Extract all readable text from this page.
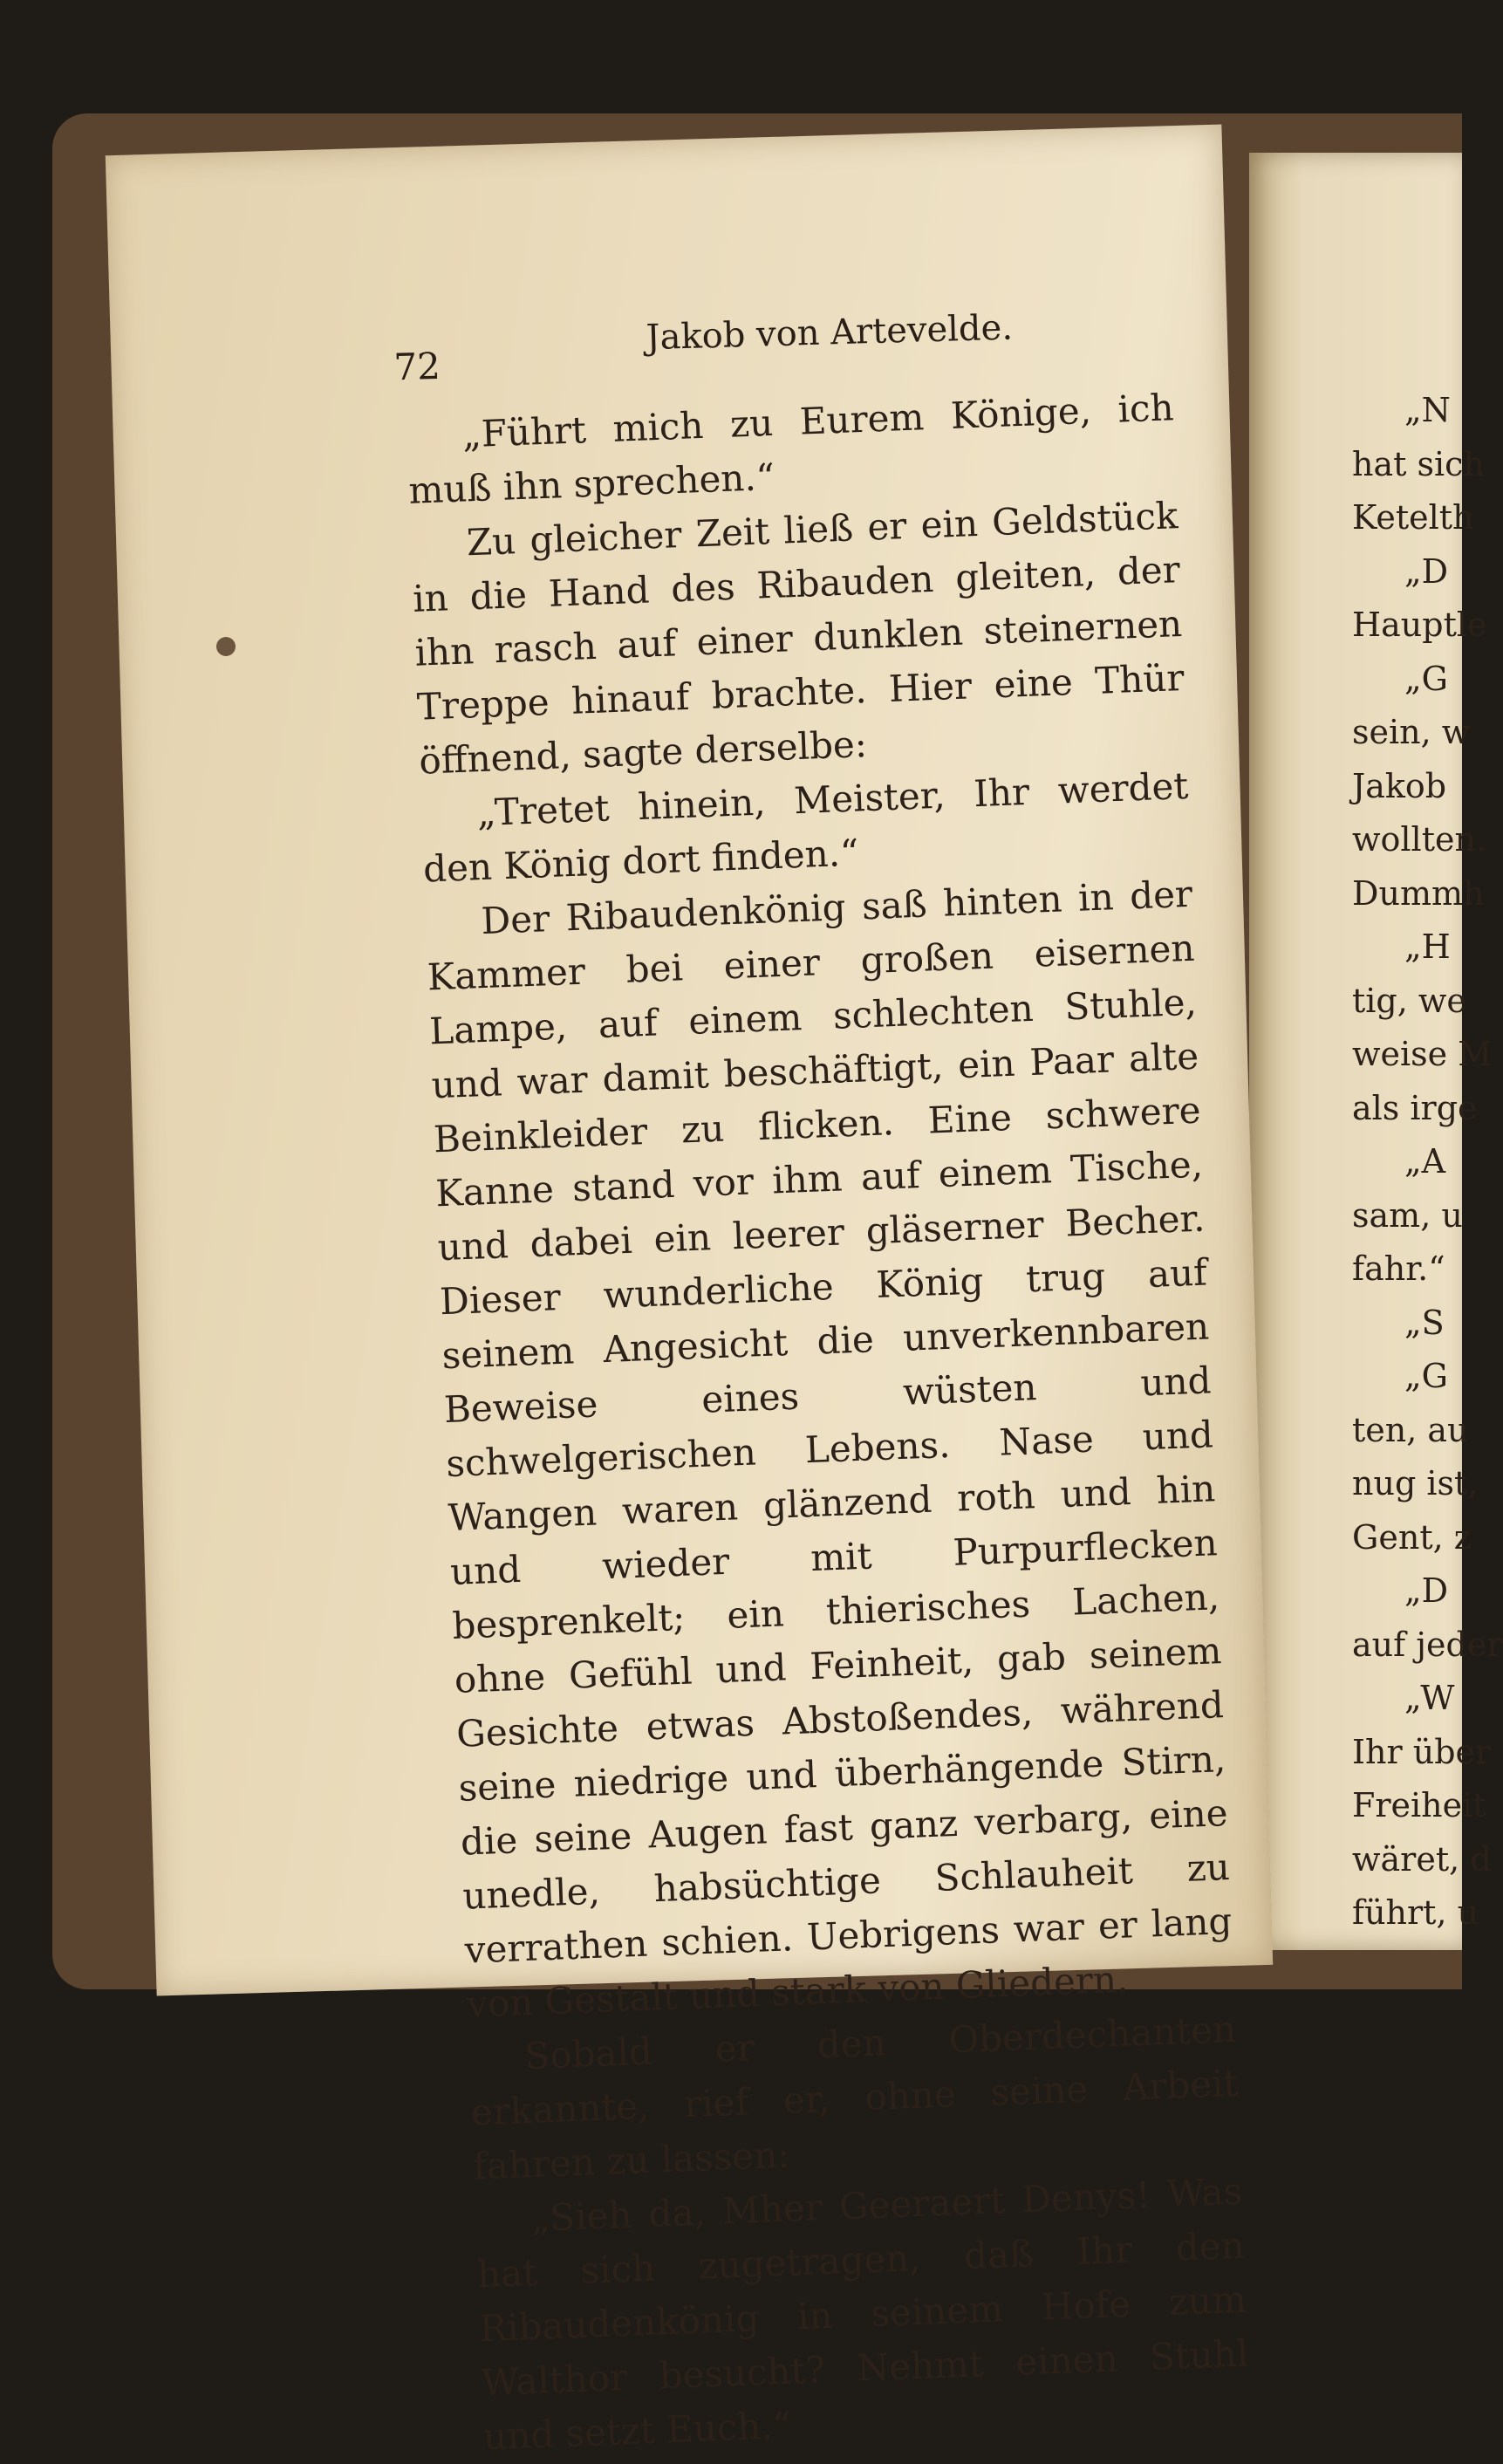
72
Jakob von Artevelde.

„Führt mich zu Eurem Könige, ich muß ihn sprechen.“

Zu gleicher Zeit ließ er ein Geldstück in die Hand des Ribauden gleiten, der ihn rasch auf einer dunklen steinernen Treppe hinauf brachte. Hier eine Thür öffnend, sagte derselbe:

„Tretet hinein, Meister, Ihr werdet den König dort finden.“

Der Ribaudenkönig saß hinten in der Kammer bei einer großen eisernen Lampe, auf einem schlechten Stuhle, und war damit beschäftigt, ein Paar alte Beinkleider zu flicken. Eine schwere Kanne stand vor ihm auf einem Tische, und dabei ein leerer gläserner Becher. Dieser wunderliche König trug auf seinem Angesicht die unverkennbaren Beweise eines wüsten und schwelgerischen Lebens. Nase und Wangen waren glänzend roth und hin und wieder mit Purpurflecken besprenkelt; ein thierisches Lachen, ohne Gefühl und Feinheit, gab seinem Gesichte etwas Abstoßendes, während seine niedrige und überhängende Stirn, die seine Augen fast ganz verbarg, eine unedle, habsüchtige Schlauheit zu verrathen schien. Uebrigens war er lang von Gestalt und stark von Gliedern.

Sobald er den Oberdechanten erkannte, rief er, ohne seine Arbeit fahren zu lassen:

„Sieh da, Mher Geeraert Denys! Was hat sich zugetragen, daß Ihr den Ribaudenkönig in seinem Hofe zum Walthor besucht? Nehmt einen Stuhl und setzt Euch.“

„N
hat sich
Ketelth
„D
Hauptle
„G
sein, w
Jakob
wollten.
Dummh
„H
tig, we
weise M
als irge
„A
sam, u
fahr.“
„S
„G
ten, au
nug ist,
Gent, z
„D
auf jeder
„W
Ihr über
Freiheit
wäret, d
führt, u
